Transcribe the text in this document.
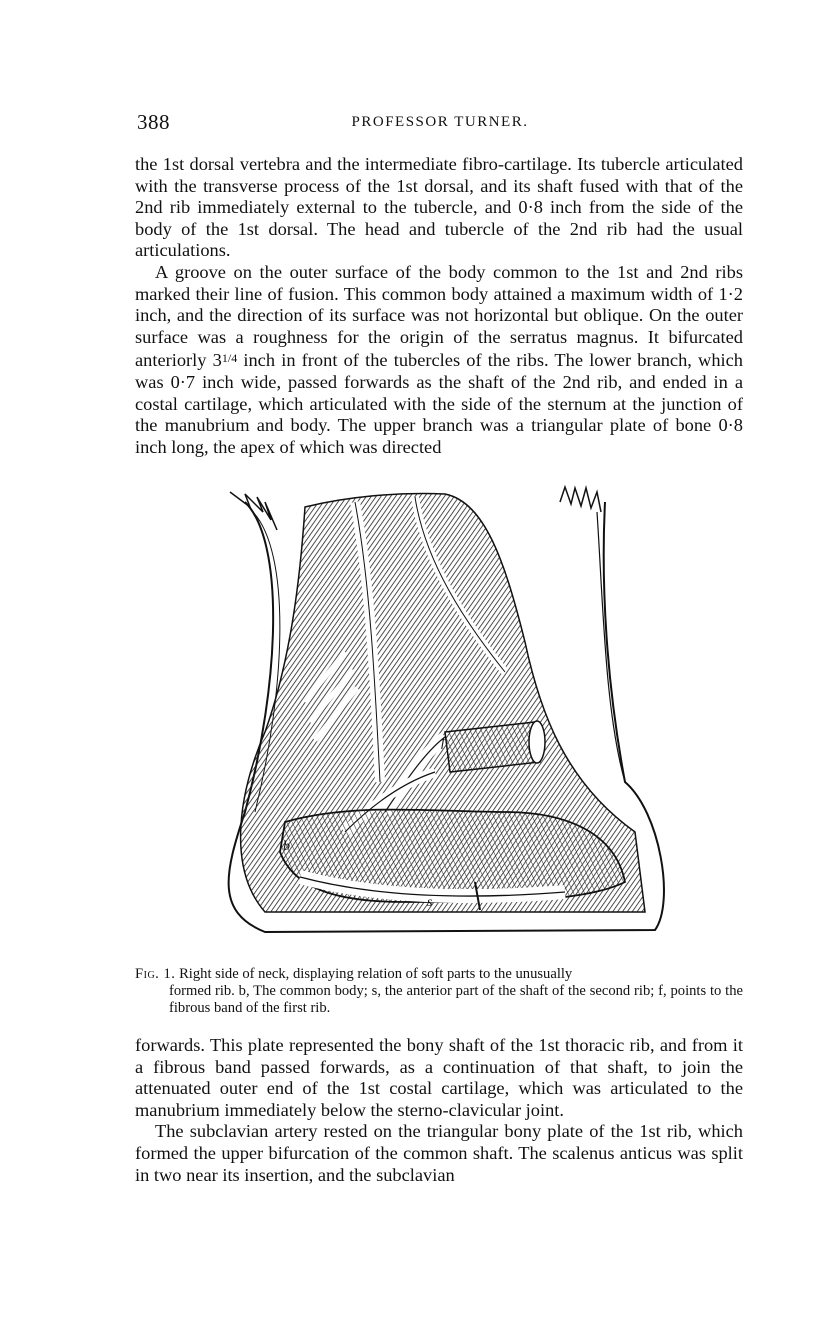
388	PROFESSOR TURNER.

the 1st dorsal vertebra and the intermediate fibro-cartilage. Its tubercle articulated with the transverse process of the 1st dorsal, and its shaft fused with that of the 2nd rib immediately external to the tubercle, and 0·8 inch from the side of the body of the 1st dorsal. The head and tubercle of the 2nd rib had the usual articulations.

A groove on the outer surface of the body common to the 1st and 2nd ribs marked their line of fusion. This common body attained a maximum width of 1·2 inch, and the direction of its surface was not horizontal but oblique. On the outer surface was a roughness for the origin of the serratus magnus. It bifurcated anteriorly $3^{1/4}$ inch in front of the tubercles of the ribs. The lower branch, which was 0·7 inch wide, passed forwards as the shaft of the 2nd rib, and ended in a costal cartilage, which articulated with the side of the sternum at the junction of the manubrium and body. The upper branch was a triangular plate of bone 0·8 inch long, the apex of which was directed

b
s
f
Fig. 1. Right side of neck, displaying relation of soft parts to the unusually
formed rib. b, The common body; s, the anterior part of the shaft of the second rib; f, points to the fibrous band of the first rib.

forwards. This plate represented the bony shaft of the 1st thoracic rib, and from it a fibrous band passed forwards, as a continuation of that shaft, to join the attenuated outer end of the 1st costal cartilage, which was articulated to the manubrium immediately below the sterno-clavicular joint.

The subclavian artery rested on the triangular bony plate of the 1st rib, which formed the upper bifurcation of the common shaft. The scalenus anticus was split in two near its insertion, and the subclavian
